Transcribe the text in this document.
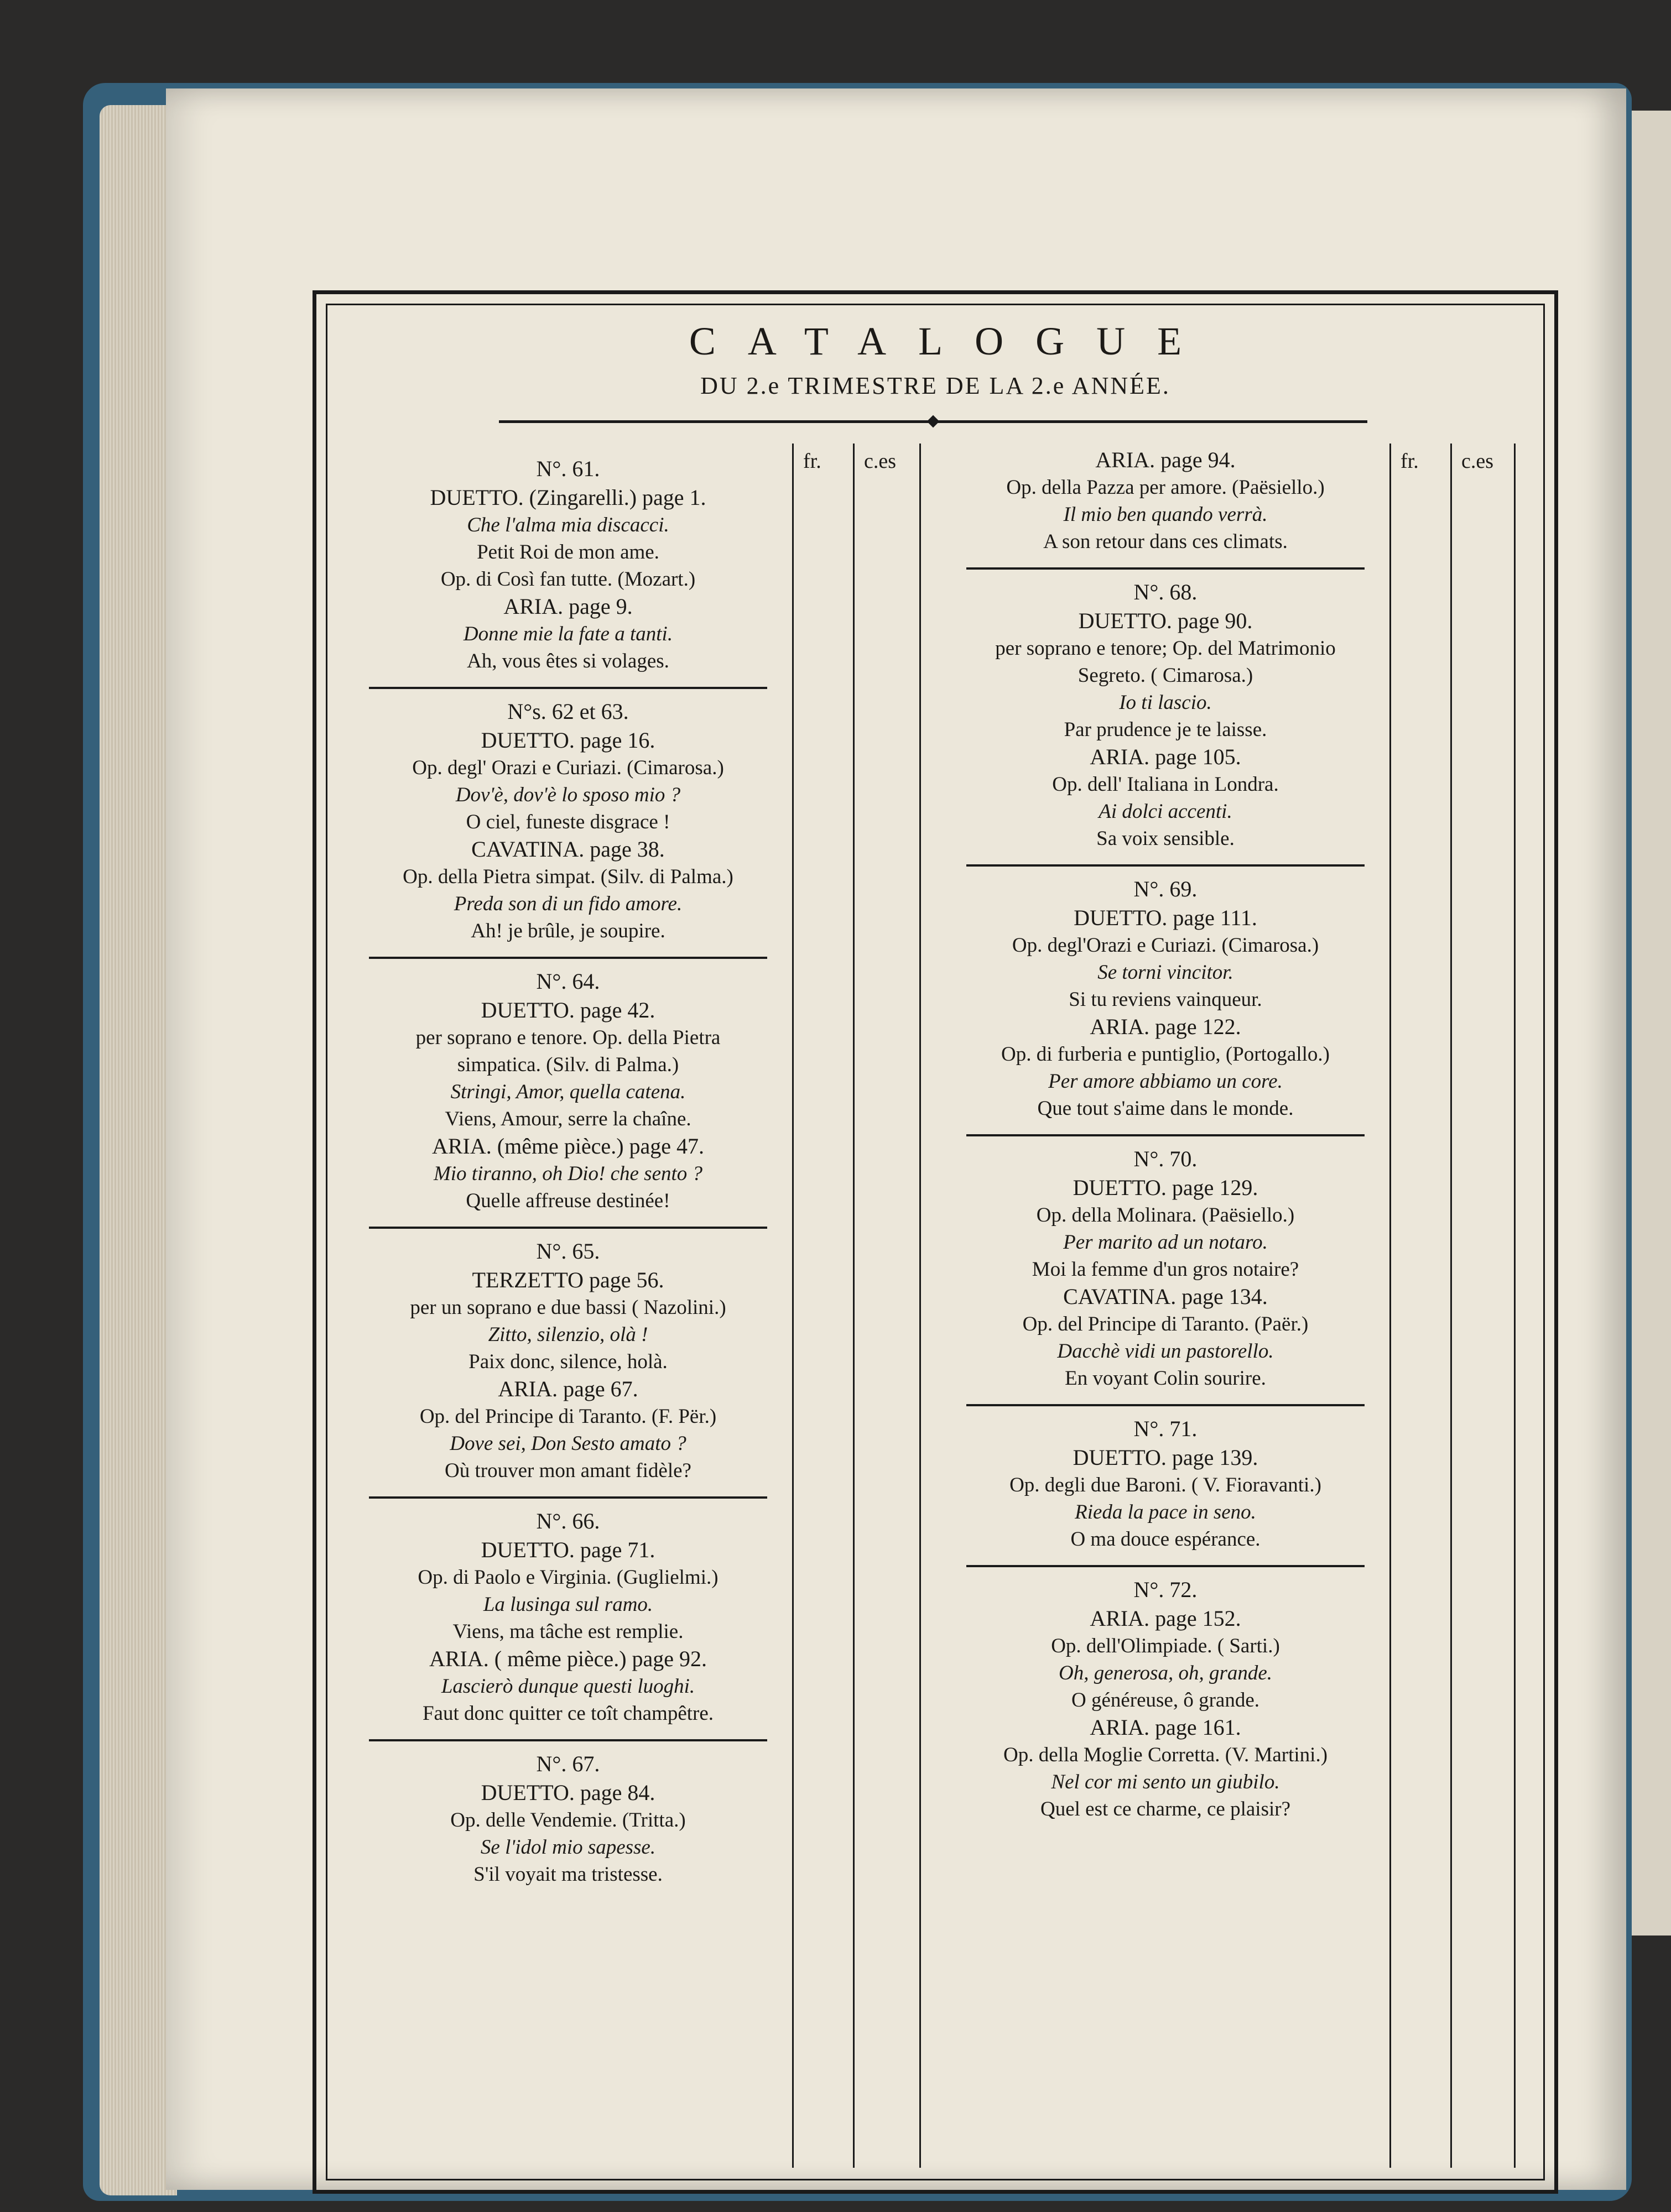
CATALOGUE
DU 2.e TRIMESTRE DE LA 2.e ANNÉE.
fr. c.es	fr. c.es
N°. 61.
DUETTO. (Zingarelli.) page 1.
Che l'alma mia discacci.
Petit Roi de mon ame.
Op. di Così fan tutte. (Mozart.)
ARIA. page 9.
Donne mie la fate a tanti.
Ah, vous êtes si volages.
N°s. 62 et 63.
DUETTO. page 16.
Op. degl' Orazi e Curiazi. (Cimarosa.)
Dov'è, dov'è lo sposo mio ?
O ciel, funeste disgrace !
CAVATINA. page 38.
Op. della Pietra simpat. (Silv. di Palma.)
Preda son di un fido amore.
Ah! je brûle, je soupire.
N°. 64.
DUETTO. page 42.
per soprano e tenore. Op. della Pietra
simpatica. (Silv. di Palma.)
Stringi, Amor, quella catena.
Viens, Amour, serre la chaîne.
ARIA. (même pièce.) page 47.
Mio tiranno, oh Dio! che sento ?
Quelle affreuse destinée!
N°. 65.
TERZETTO page 56.
per un soprano e due bassi ( Nazolini.)
Zitto, silenzio, olà !
Paix donc, silence, holà.
ARIA. page 67.
Op. del Principe di Taranto. (F. Për.)
Dove sei, Don Sesto amato ?
Où trouver mon amant fidèle?
N°. 66.
DUETTO. page 71.
Op. di Paolo e Virginia. (Guglielmi.)
La lusinga sul ramo.
Viens, ma tâche est remplie.
ARIA. ( même pièce.) page 92.
Lascierò dunque questi luoghi.
Faut donc quitter ce toît champêtre.
N°. 67.
DUETTO. page 84.
Op. delle Vendemie. (Tritta.)
Se l'idol mio sapesse.
S'il voyait ma tristesse.
ARIA. page 94.
Op. della Pazza per amore. (Paësiello.)
Il mio ben quando verrà.
A son retour dans ces climats.
N°. 68.
DUETTO. page 90.
per soprano e tenore; Op. del Matrimonio
Segreto. ( Cimarosa.)
Io ti lascio.
Par prudence je te laisse.
ARIA. page 105.
Op. dell' Italiana in Londra.
Ai dolci accenti.
Sa voix sensible.
N°. 69.
DUETTO. page 111.
Op. degl'Orazi e Curiazi. (Cimarosa.)
Se torni vincitor.
Si tu reviens vainqueur.
ARIA. page 122.
Op. di furberia e puntiglio, (Portogallo.)
Per amore abbiamo un core.
Que tout s'aime dans le monde.
N°. 70.
DUETTO. page 129.
Op. della Molinara. (Paësiello.)
Per marito ad un notaro.
Moi la femme d'un gros notaire?
CAVATINA. page 134.
Op. del Principe di Taranto. (Paër.)
Dacchè vidi un pastorello.
En voyant Colin sourire.
N°. 71.
DUETTO. page 139.
Op. degli due Baroni. ( V. Fioravanti.)
Rieda la pace in seno.
O ma douce espérance.
N°. 72.
ARIA. page 152.
Op. dell'Olimpiade. ( Sarti.)
Oh, generosa, oh, grande.
O généreuse, ô grande.
ARIA. page 161.
Op. della Moglie Corretta. (V. Martini.)
Nel cor mi sento un giubilo.
Quel est ce charme, ce plaisir?
